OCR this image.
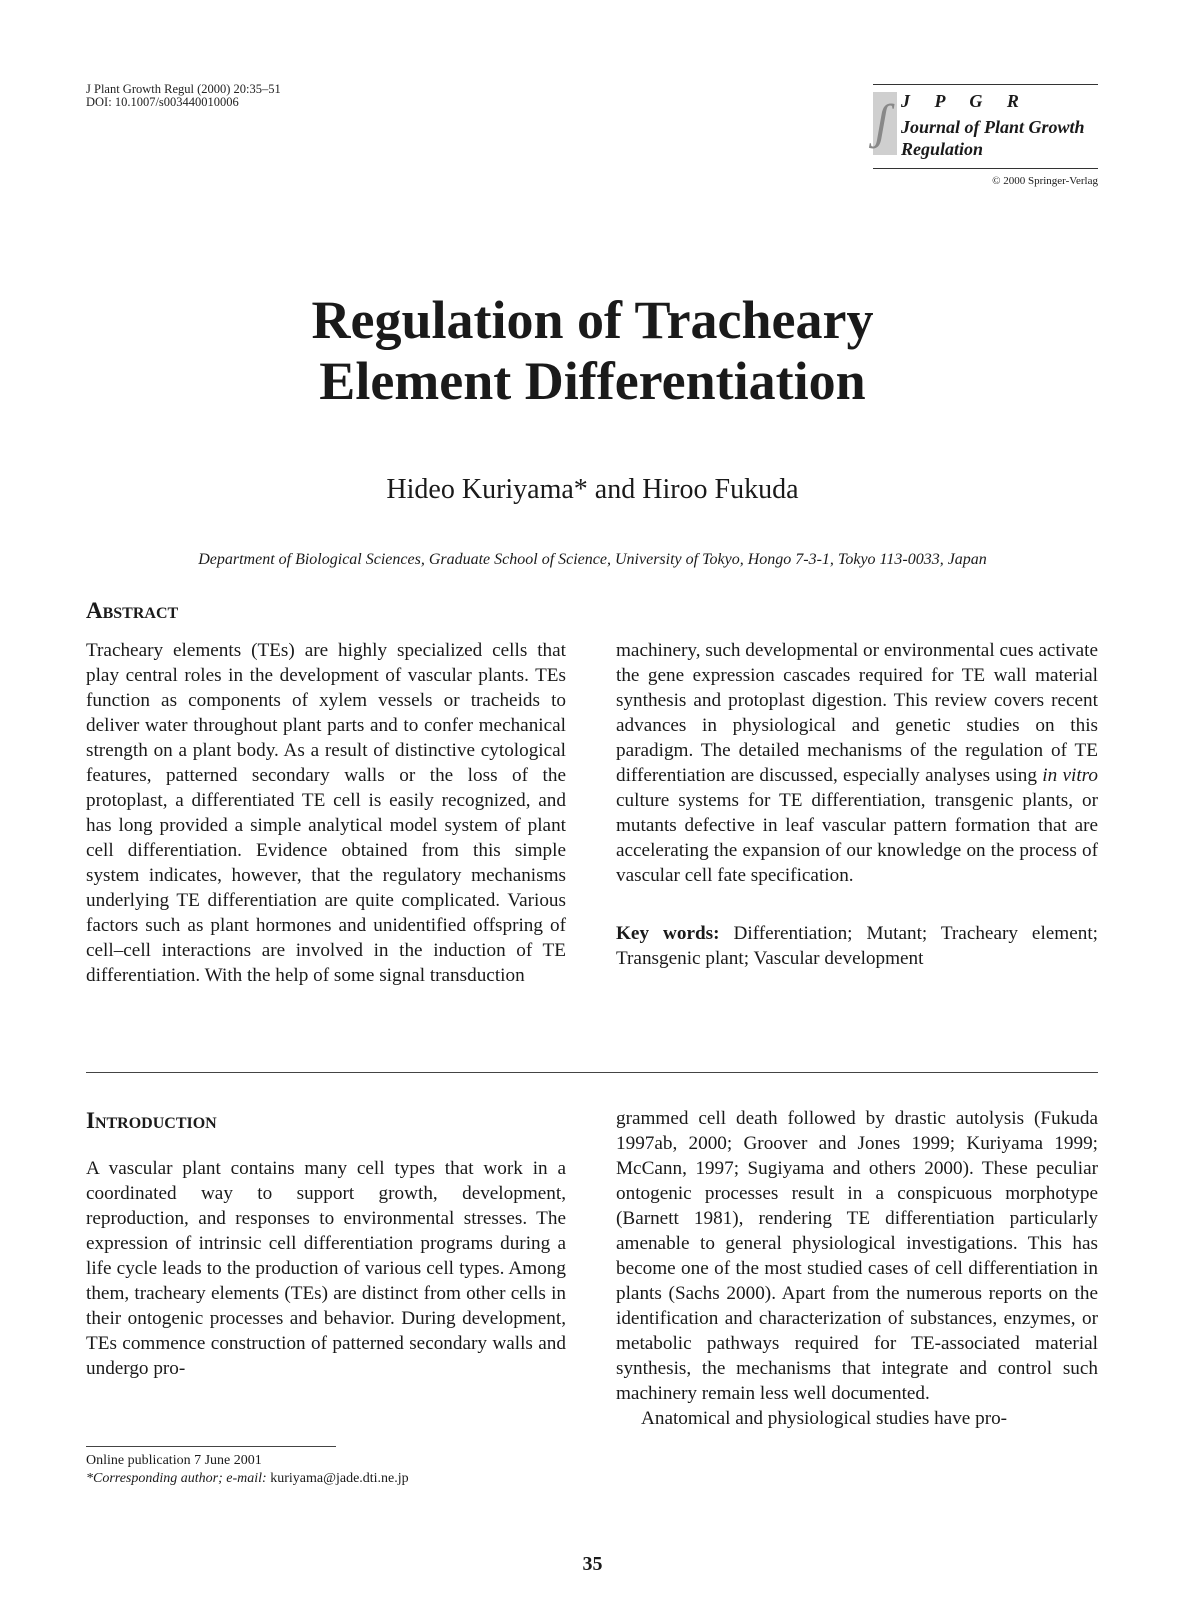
J Plant Growth Regul (2000) 20:35–51
DOI: 10.1007/s003440010006	ʃ J P G R
Journal of Plant Growth
Regulation
© 2000 Springer-Verlag
Regulation of Tracheary
Element Differentiation
Hideo Kuriyama* and Hiroo Fukuda
Department of Biological Sciences, Graduate School of Science, University of Tokyo, Hongo 7-3-1, Tokyo 113-0033, Japan
Abstract

Tracheary elements (TEs) are highly specialized cells that play central roles in the development of vascular plants. TEs function as components of xylem vessels or tracheids to deliver water throughout plant parts and to confer mechanical strength on a plant body. As a result of distinctive cytological features, patterned secondary walls or the loss of the protoplast, a differentiated TE cell is easily recognized, and has long provided a simple analytical model system of plant cell differentiation. Evidence obtained from this simple system indicates, however, that the regulatory mechanisms underlying TE differentiation are quite complicated. Various factors such as plant hormones and unidentified offspring of cell–cell interactions are involved in the induction of TE differentiation. With the help of some signal transduction

machinery, such developmental or environmental cues activate the gene expression cascades required for TE wall material synthesis and protoplast digestion. This review covers recent advances in physiological and genetic studies on this paradigm. The detailed mechanisms of the regulation of TE differentiation are discussed, especially analyses using in vitro culture systems for TE differentiation, transgenic plants, or mutants defective in leaf vascular pattern formation that are accelerating the expansion of our knowledge on the process of vascular cell fate specification.

Key words: Differentiation; Mutant; Tracheary element; Transgenic plant; Vascular development

Introduction

A vascular plant contains many cell types that work in a coordinated way to support growth, development, reproduction, and responses to environmental stresses. The expression of intrinsic cell differentiation programs during a life cycle leads to the production of various cell types. Among them, tracheary elements (TEs) are distinct from other cells in their ontogenic processes and behavior. During development, TEs commence construction of patterned secondary walls and undergo pro-

grammed cell death followed by drastic autolysis (Fukuda 1997ab, 2000; Groover and Jones 1999; Kuriyama 1999; McCann, 1997; Sugiyama and others 2000). These peculiar ontogenic processes result in a conspicuous morphotype (Barnett 1981), rendering TE differentiation particularly amenable to general physiological investigations. This has become one of the most studied cases of cell differentiation in plants (Sachs 2000). Apart from the numerous reports on the identification and characterization of substances, enzymes, or metabolic pathways required for TE-associated material synthesis, the mechanisms that integrate and control such machinery remain less well documented.

Anatomical and physiological studies have pro-

Online publication 7 June 2001
*Corresponding author; e-mail: kuriyama@jade.dti.ne.jp
35
